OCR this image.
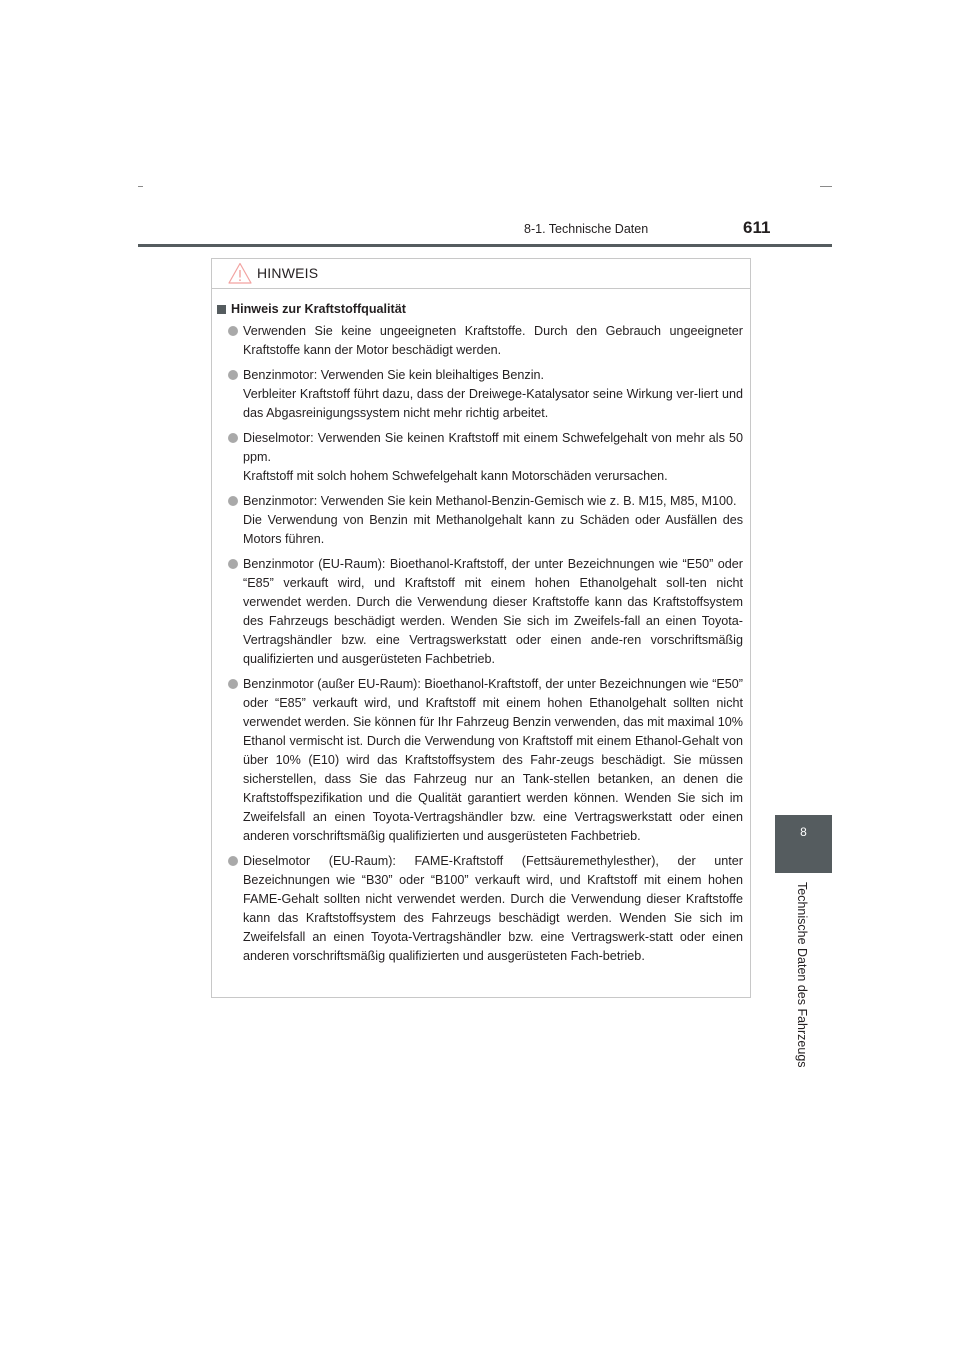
8-1. Technische Daten	611
8
Technische Daten des Fahrzeugs
HINWEIS
Hinweis zur Kraftstoffqualität

Verwenden Sie keine ungeeigneten Kraftstoffe. Durch den Gebrauch ungeeigneter Kraftstoffe kann der Motor beschädigt werden.

Benzinmotor: Verwenden Sie kein bleihaltiges Benzin.

Verbleiter Kraftstoff führt dazu, dass der Dreiwege-Katalysator seine Wirkung ver-liert und das Abgasreinigungssystem nicht mehr richtig arbeitet.

Dieselmotor: Verwenden Sie keinen Kraftstoff mit einem Schwefelgehalt von mehr als 50 ppm.

Kraftstoff mit solch hohem Schwefelgehalt kann Motorschäden verursachen.

Benzinmotor: Verwenden Sie kein Methanol-Benzin-Gemisch wie z. B. M15, M85, M100.

Die Verwendung von Benzin mit Methanolgehalt kann zu Schäden oder Ausfällen des Motors führen.

Benzinmotor (EU-Raum): Bioethanol-Kraftstoff, der unter Bezeichnungen wie “E50” oder “E85” verkauft wird, und Kraftstoff mit einem hohen Ethanolgehalt soll-ten nicht verwendet werden. Durch die Verwendung dieser Kraftstoffe kann das Kraftstoffsystem des Fahrzeugs beschädigt werden. Wenden Sie sich im Zweifels-fall an einen Toyota-Vertragshändler bzw. eine Vertragswerkstatt oder einen ande-ren vorschriftsmäßig qualifizierten und ausgerüsteten Fachbetrieb.

Benzinmotor (außer EU-Raum): Bioethanol-Kraftstoff, der unter Bezeichnungen wie “E50” oder “E85” verkauft wird, und Kraftstoff mit einem hohen Ethanolgehalt sollten nicht verwendet werden. Sie können für Ihr Fahrzeug Benzin verwenden, das mit maximal 10% Ethanol vermischt ist. Durch die Verwendung von Kraftstoff mit einem Ethanol-Gehalt von über 10% (E10) wird das Kraftstoffsystem des Fahr-zeugs beschädigt. Sie müssen sicherstellen, dass Sie das Fahrzeug nur an Tank-stellen betanken, an denen die Kraftstoffspezifikation und die Qualität garantiert werden können. Wenden Sie sich im Zweifelsfall an einen Toyota-Vertragshändler bzw. eine Vertragswerkstatt oder einen anderen vorschriftsmäßig qualifizierten und ausgerüsteten Fachbetrieb.

Dieselmotor (EU-Raum): FAME-Kraftstoff (Fettsäuremethylesther), der unter Bezeichnungen wie “B30” oder “B100” verkauft wird, und Kraftstoff mit einem hohen FAME-Gehalt sollten nicht verwendet werden. Durch die Verwendung dieser Kraftstoffe kann das Kraftstoffsystem des Fahrzeugs beschädigt werden. Wenden Sie sich im Zweifelsfall an einen Toyota-Vertragshändler bzw. eine Vertragswerk-statt oder einen anderen vorschriftsmäßig qualifizierten und ausgerüsteten Fach-betrieb.
